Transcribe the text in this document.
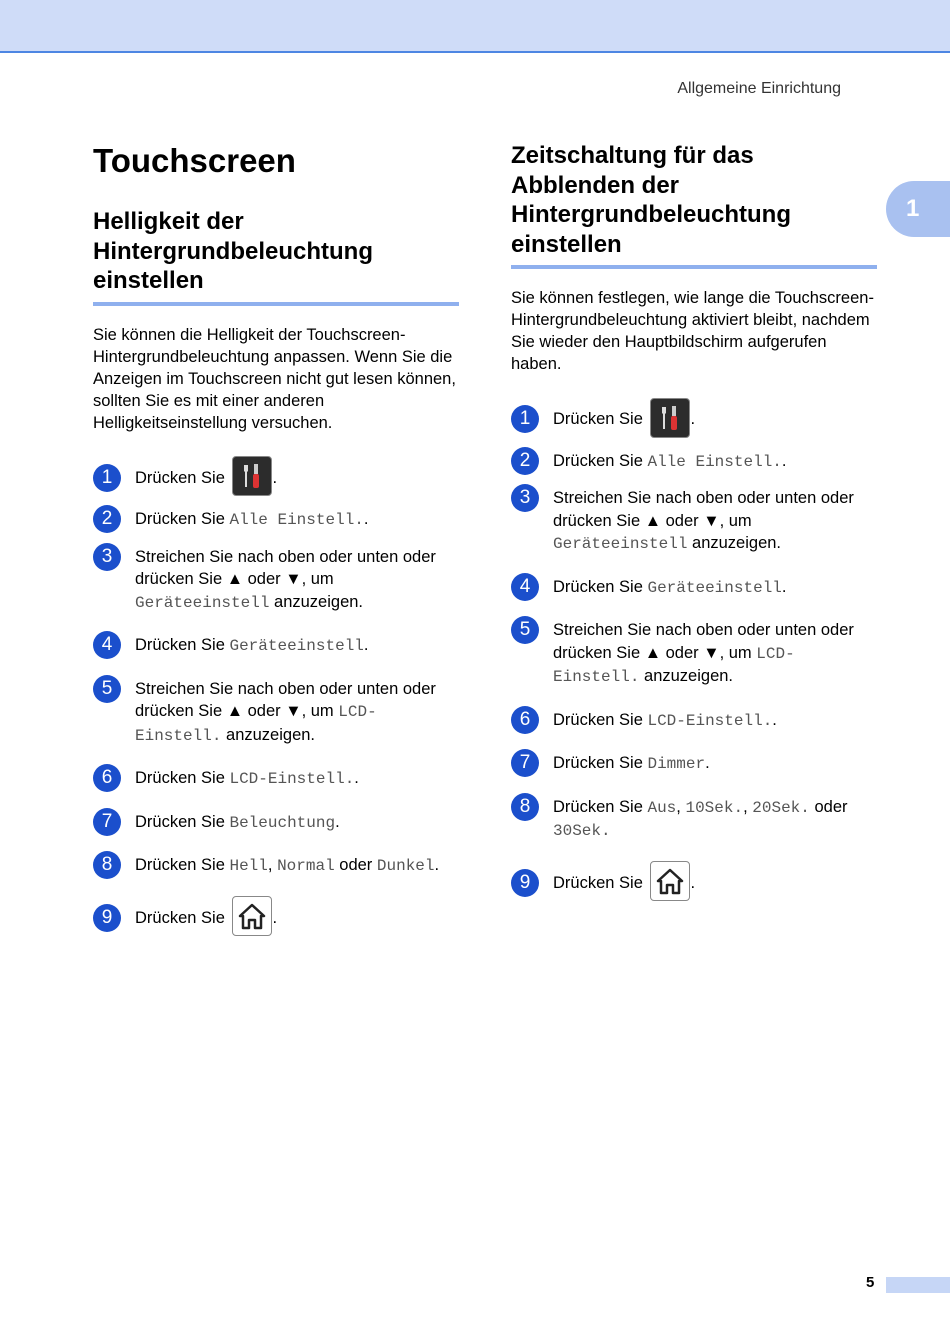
Allgemeine Einrichtung
1
Touchscreen
Helligkeit der Hintergrundbeleuchtung einstellen

Sie können die Helligkeit der Touchscreen-Hintergrundbeleuchtung anpassen. Wenn Sie die Anzeigen im Touchscreen nicht gut lesen können, sollten Sie es mit einer anderen Helligkeitseinstellung versuchen.

1	Drücken Sie	.
2	Drücken Sie Alle Einstell..
3	Streichen Sie nach oben oder unten oder drücken Sie ▲ oder ▼, um Geräteeinstell anzuzeigen.
4	Drücken Sie Geräteeinstell.
5	Streichen Sie nach oben oder unten oder drücken Sie ▲ oder ▼, um LCD-Einstell. anzuzeigen.
6	Drücken Sie LCD-Einstell..
7	Drücken Sie Beleuchtung.
8	Drücken Sie Hell, Normal oder Dunkel.
9	Drücken Sie	.
Zeitschaltung für das Abblenden der Hintergrundbeleuchtung einstellen

Sie können festlegen, wie lange die Touchscreen-Hintergrundbeleuchtung aktiviert bleibt, nachdem Sie wieder den Hauptbildschirm aufgerufen haben.

1	Drücken Sie	.
2	Drücken Sie Alle Einstell..
3	Streichen Sie nach oben oder unten oder drücken Sie ▲ oder ▼, um Geräteeinstell anzuzeigen.
4	Drücken Sie Geräteeinstell.
5	Streichen Sie nach oben oder unten oder drücken Sie ▲ oder ▼, um LCD-Einstell. anzuzeigen.
6	Drücken Sie LCD-Einstell..
7	Drücken Sie Dimmer.
8	Drücken Sie Aus, 10Sek., 20Sek. oder 30Sek.
9	Drücken Sie	.
5
